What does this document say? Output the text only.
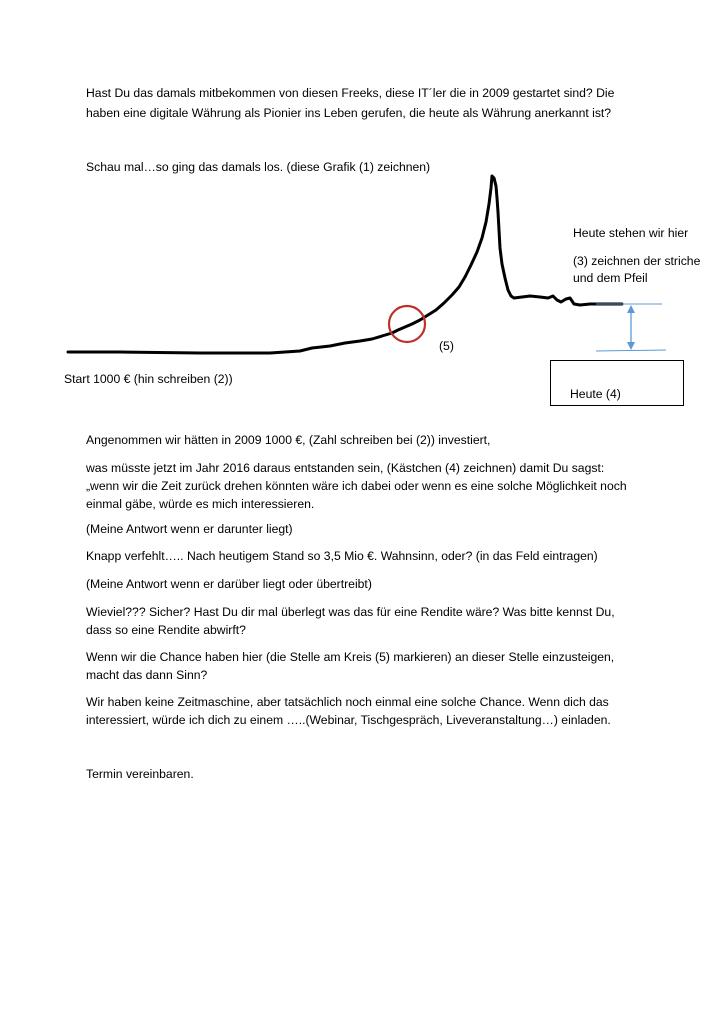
Hast Du das damals mitbekommen von diesen Freeks, diese IT´ler die in 2009 gestartet sind? Die
haben eine digitale Währung als Pionier ins Leben gerufen, die heute als Währung anerkannt ist?
Schau mal…so ging das damals los. (diese Grafik (1) zeichnen)
Heute stehen wir hier
(3) zeichnen der striche
und dem Pfeil
(5)
Start 1000 € (hin schreiben (2))
Heute (4)
Angenommen wir hätten in 2009 1000 €, (Zahl schreiben bei (2)) investiert,
was müsste jetzt im Jahr 2016 daraus entstanden sein, (Kästchen (4) zeichnen) damit Du sagst:
„wenn wir die Zeit zurück drehen könnten wäre ich dabei oder wenn es eine solche Möglichkeit noch
einmal gäbe, würde es mich interessieren.
(Meine Antwort wenn er darunter liegt)
Knapp verfehlt….. Nach heutigem Stand so 3,5 Mio €. Wahnsinn, oder? (in das Feld eintragen)
(Meine Antwort wenn er darüber liegt oder übertreibt)
Wieviel??? Sicher? Hast Du dir mal überlegt was das für eine Rendite wäre? Was bitte kennst Du,
dass so eine Rendite abwirft?
Wenn wir die Chance haben hier (die Stelle am Kreis (5) markieren) an dieser Stelle einzusteigen,
macht das dann Sinn?
Wir haben keine Zeitmaschine, aber tatsächlich noch einmal eine solche Chance. Wenn dich das
interessiert, würde ich dich zu einem …..(Webinar, Tischgespräch, Liveveranstaltung…) einladen.
Termin vereinbaren.
